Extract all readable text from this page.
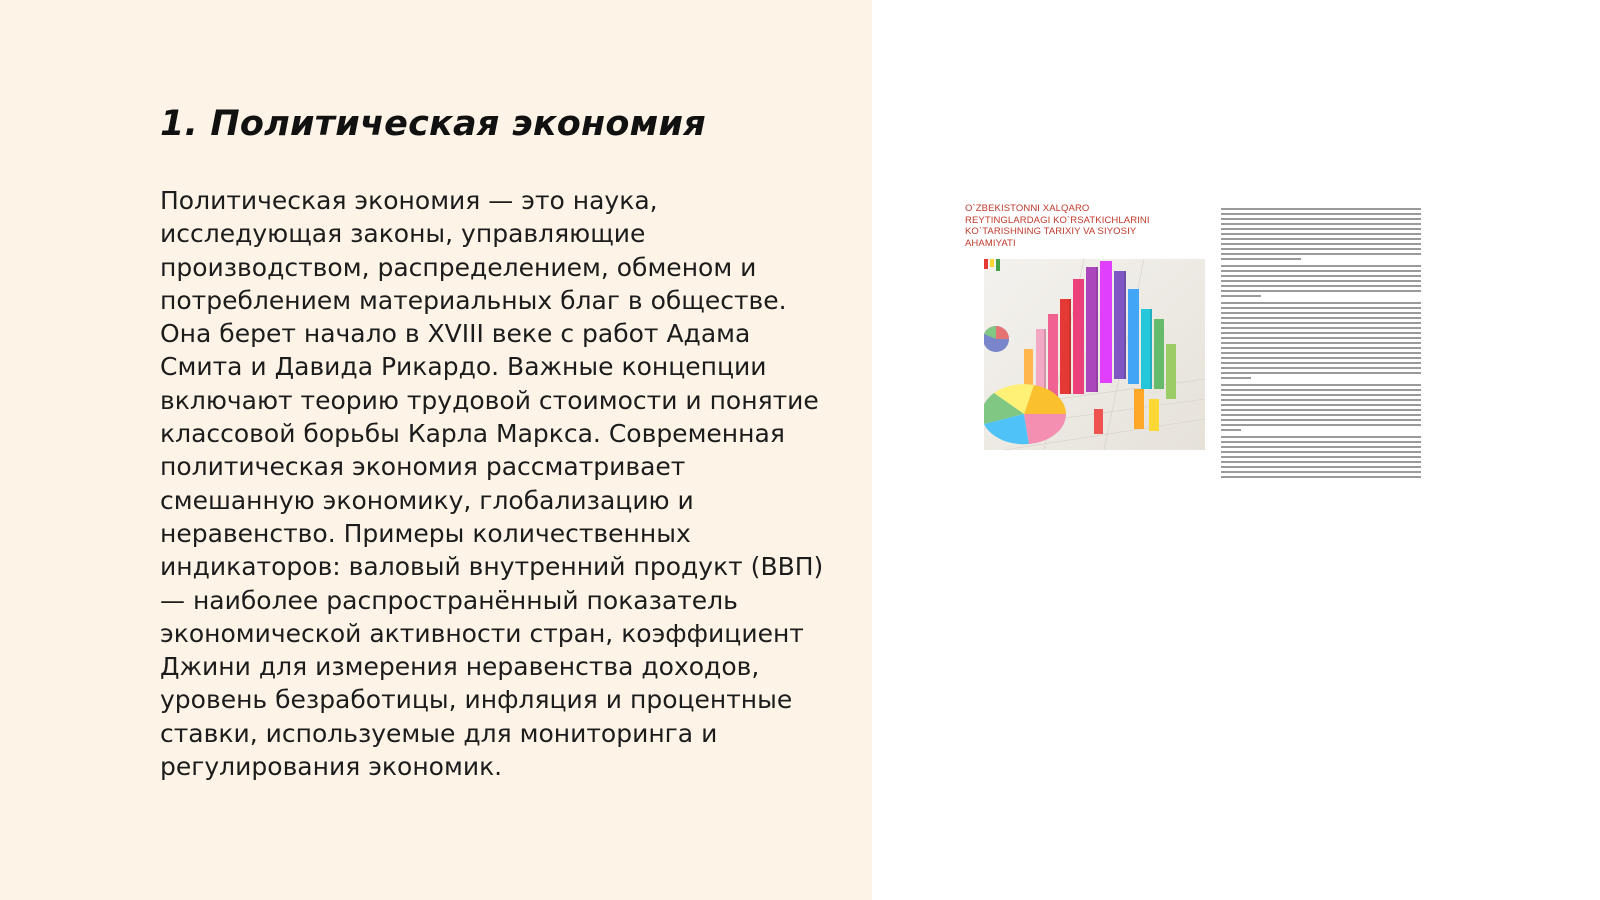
1. Политическая экономия

Политическая экономия — это наука, исследующая законы, управляющие производством, распределением, обменом и потреблением материальных благ в обществе. Она берет начало в XVIII веке с работ Адама Смита и Давида Рикардо. Важные концепции включают теорию трудовой стоимости и понятие классовой борьбы Карла Маркса. Современная политическая экономия рассматривает смешанную экономику, глобализацию и неравенство. Примеры количественных индикаторов: валовый внутренний продукт (ВВП) — наиболее распространённый показатель экономической активности стран, коэффициент Джини для измерения неравенства доходов, уровень безработицы, инфляция и процентные ставки, используемые для мониторинга и регулирования экономик.

O`ZBEKISTONNI XALQARO REYTINGLARDAGI KO`RSATKICHLARINI KO`TARISHNING TARIXIY VA SIYOSIY AHAMIYATI
